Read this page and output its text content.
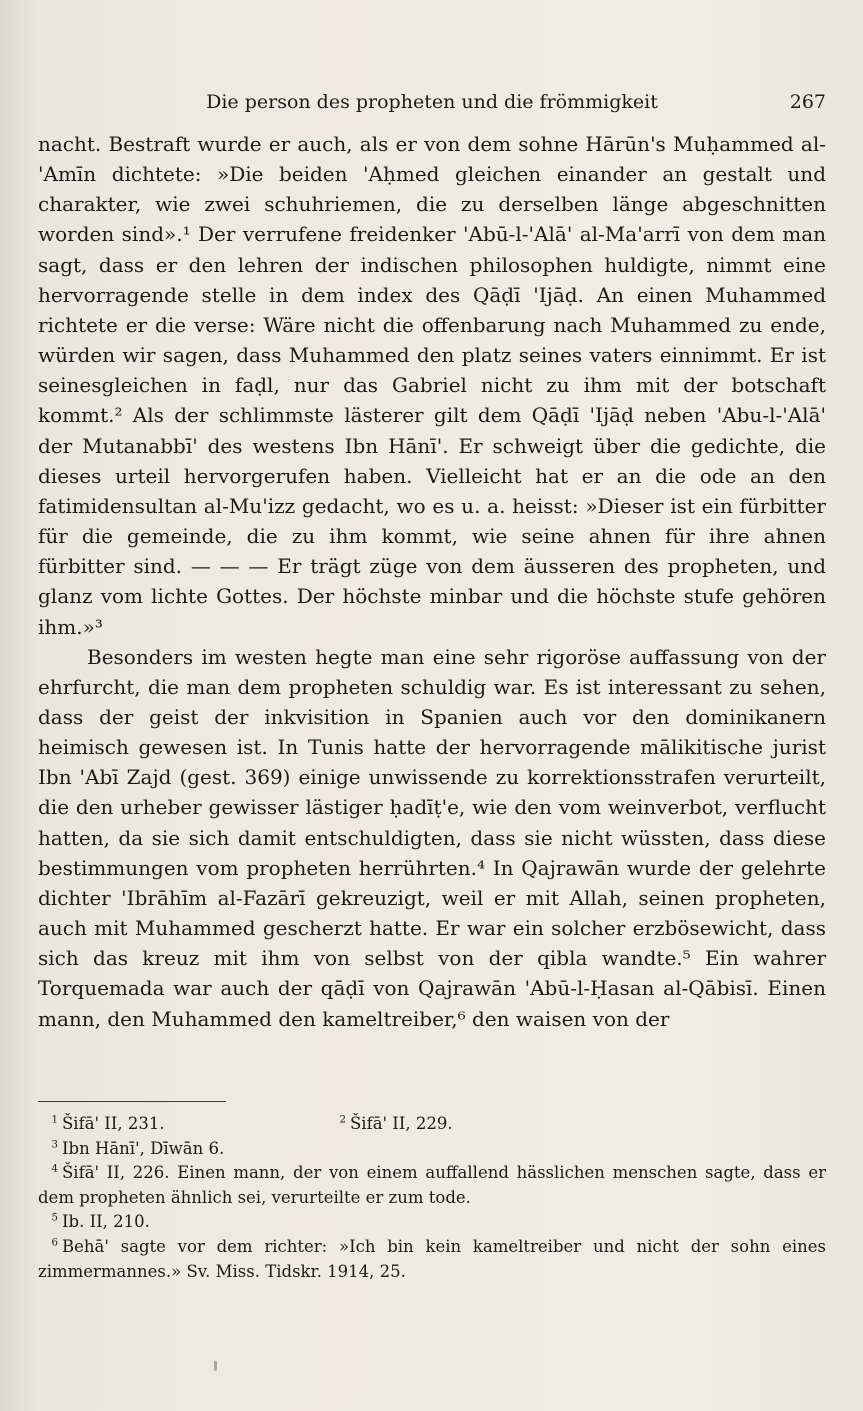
Die person des propheten und die frömmigkeit	267

nacht. Bestraft wurde er auch, als er von dem sohne Hārūn's Muḥammed al-'Amīn dichtete: »Die beiden 'Aḥmed gleichen einander an gestalt und charakter, wie zwei schuhriemen, die zu derselben länge abgeschnitten worden sind».¹ Der verrufene freidenker 'Abū-l-'Alā' al-Ma'arrī von dem man sagt, dass er den lehren der indischen philosophen huldigte, nimmt eine hervorragende stelle in dem index des Qāḍī 'Ijāḍ. An einen Muhammed richtete er die verse: Wäre nicht die offenbarung nach Muhammed zu ende, würden wir sagen, dass Muhammed den platz seines vaters einnimmt. Er ist seinesgleichen in faḍl, nur das Gabriel nicht zu ihm mit der botschaft kommt.² Als der schlimmste lästerer gilt dem Qāḍī 'Ijāḍ neben 'Abu-l-'Alā' der Mutanabbī' des westens Ibn Hānī'. Er schweigt über die gedichte, die dieses urteil hervorgerufen haben. Vielleicht hat er an die ode an den fatimidensultan al-Mu'izz gedacht, wo es u. a. heisst: »Dieser ist ein fürbitter für die gemeinde, die zu ihm kommt, wie seine ahnen für ihre ahnen fürbitter sind. — — — Er trägt züge von dem äusseren des propheten, und glanz vom lichte Gottes. Der höchste minbar und die höchste stufe gehören ihm.»³

Besonders im westen hegte man eine sehr rigoröse auffassung von der ehrfurcht, die man dem propheten schuldig war. Es ist interessant zu sehen, dass der geist der inkvisition in Spanien auch vor den dominikanern heimisch gewesen ist. In Tunis hatte der hervorragende mālikitische jurist Ibn 'Abī Zajd (gest. 369) einige unwissende zu korrektionsstrafen verurteilt, die den urheber gewisser lästiger ḥadīṭ'e, wie den vom weinverbot, verflucht hatten, da sie sich damit entschuldigten, dass sie nicht wüssten, dass diese bestimmungen vom propheten herrührten.⁴ In Qajrawān wurde der gelehrte dichter 'Ibrāhīm al-Fazārī gekreuzigt, weil er mit Allah, seinen propheten, auch mit Muhammed gescherzt hatte. Er war ein solcher erzbösewicht, dass sich das kreuz mit ihm von selbst von der qibla wandte.⁵ Ein wahrer Torquemada war auch der qāḍī von Qajrawān 'Abū-l-Ḥasan al-Qābisī. Einen mann, den Muhammed den kameltreiber,⁶ den waisen von der

$^1$ Šifā' II, 231.	$^2$ Šifā' II, 229.

$^3$ Ibn Hānī', Dīwān 6.

$^4$ Šifā' II, 226. Einen mann, der von einem auffallend hässlichen menschen sagte, dass er dem propheten ähnlich sei, verurteilte er zum tode.

$^5$ Ib. II, 210.

$^6$ Behā' sagte vor dem richter: »Ich bin kein kameltreiber und nicht der sohn eines zimmermannes.» Sv. Miss. Tidskr. 1914, 25.
